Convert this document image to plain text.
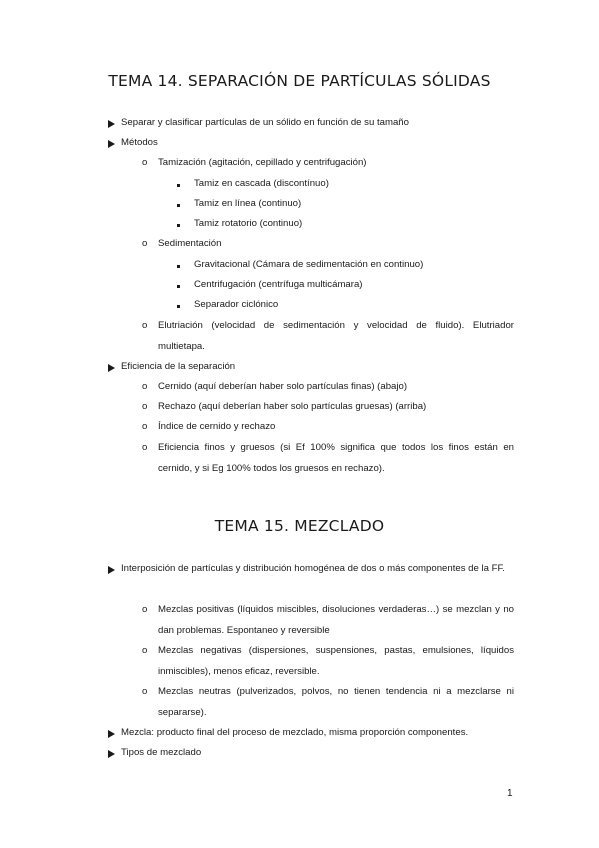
TEMA 14. SEPARACIÓN DE PARTÍCULAS SÓLIDAS
Separar y clasificar partículas de un sólido en función de su tamaño
Métodos
o Tamización (agitación, cepillado y centrifugación)
Tamiz en cascada (discontínuo)
Tamiz en línea (continuo)
Tamiz rotatorio (continuo)
o Sedimentación
Gravitacional (Cámara de sedimentación en continuo)
Centrifugación (centrífuga multicámara)
Separador ciclónico
o Elutriación (velocidad de sedimentación y velocidad de fluido). Elutriador multietapa.
Eficiencia de la separación
o Cernido (aquí deberían haber solo partículas finas) (abajo)
o Rechazo (aquí deberían haber solo partículas gruesas) (arriba)
o Índice de cernido y rechazo
o Eficiencia finos y gruesos (si Ef 100% significa que todos los finos están en cernido, y si Eg 100% todos los gruesos en rechazo).
TEMA 15. MEZCLADO
Interposición de partículas y distribución homogénea de dos o más componentes de la FF.
o Mezclas positivas (líquidos miscibles, disoluciones verdaderas…) se mezclan y no dan problemas. Espontaneo y reversible
o Mezclas negativas (dispersiones, suspensiones, pastas, emulsiones, líquidos inmiscibles), menos eficaz, reversible.
o Mezclas neutras (pulverizados, polvos, no tienen tendencia ni a mezclarse ni separarse).
Mezcla: producto final del proceso de mezclado, misma proporción componentes.
Tipos de mezclado
1
